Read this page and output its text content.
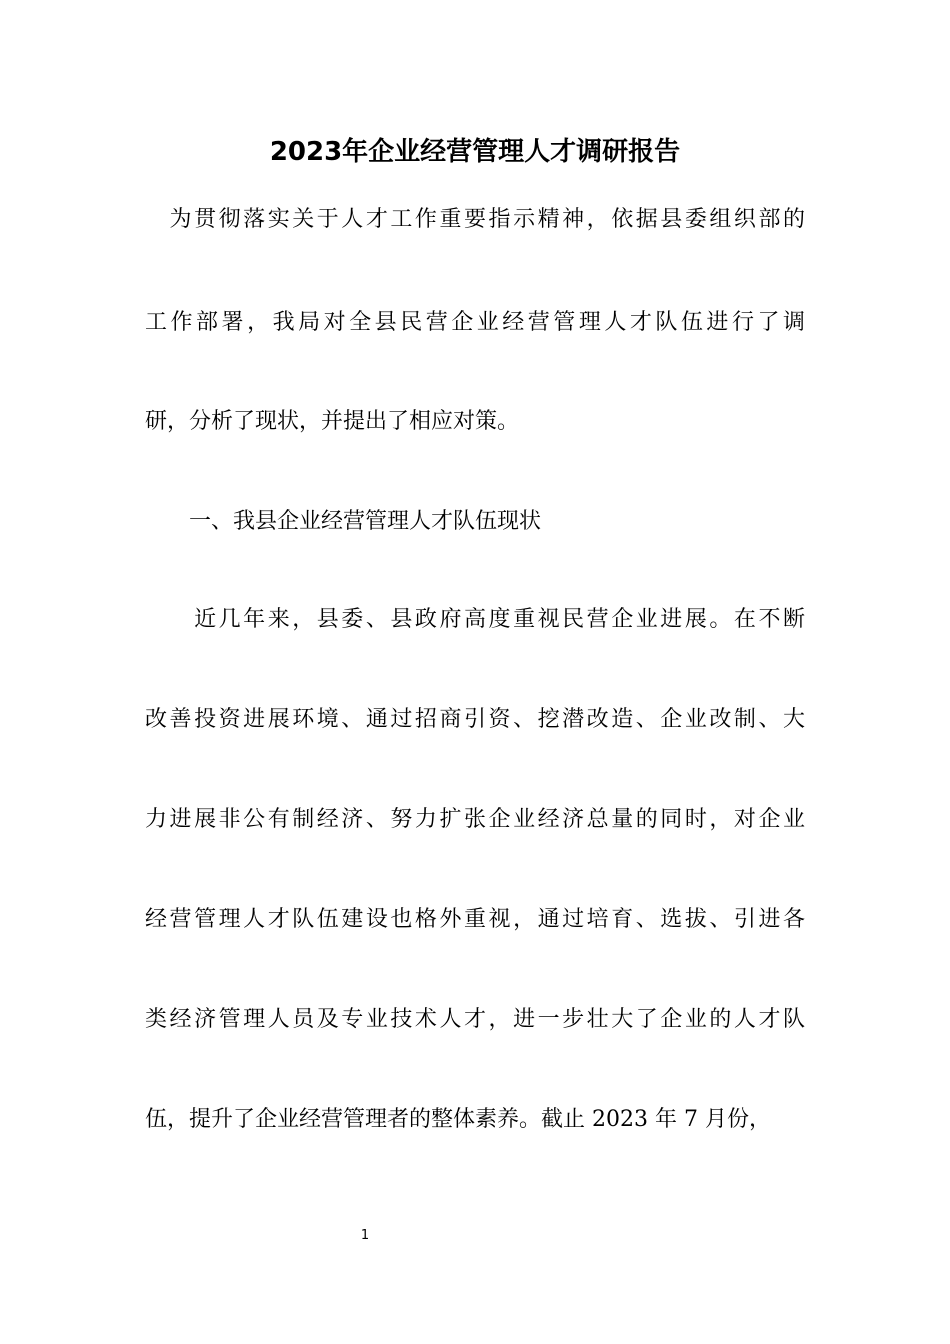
2023年企业经营管理人才调研报告
　为贯彻落实关于人才工作重要指示精神，依据县委组织部的
工作部署，我局对全县民营企业经营管理人才队伍进行了调
研，分析了现状，并提出了相应对策。
　　一、我县企业经营管理人才队伍现状
　　近几年来，县委、县政府高度重视民营企业进展。在不断
改善投资进展环境、通过招商引资、挖潜改造、企业改制、大
力进展非公有制经济、努力扩张企业经济总量的同时，对企业
经营管理人才队伍建设也格外重视，通过培育、选拔、引进各
类经济管理人员及专业技术人才，进一步壮大了企业的人才队
伍，提升了企业经营管理者的整体素养。截止 2023 年 7 月份，
1
